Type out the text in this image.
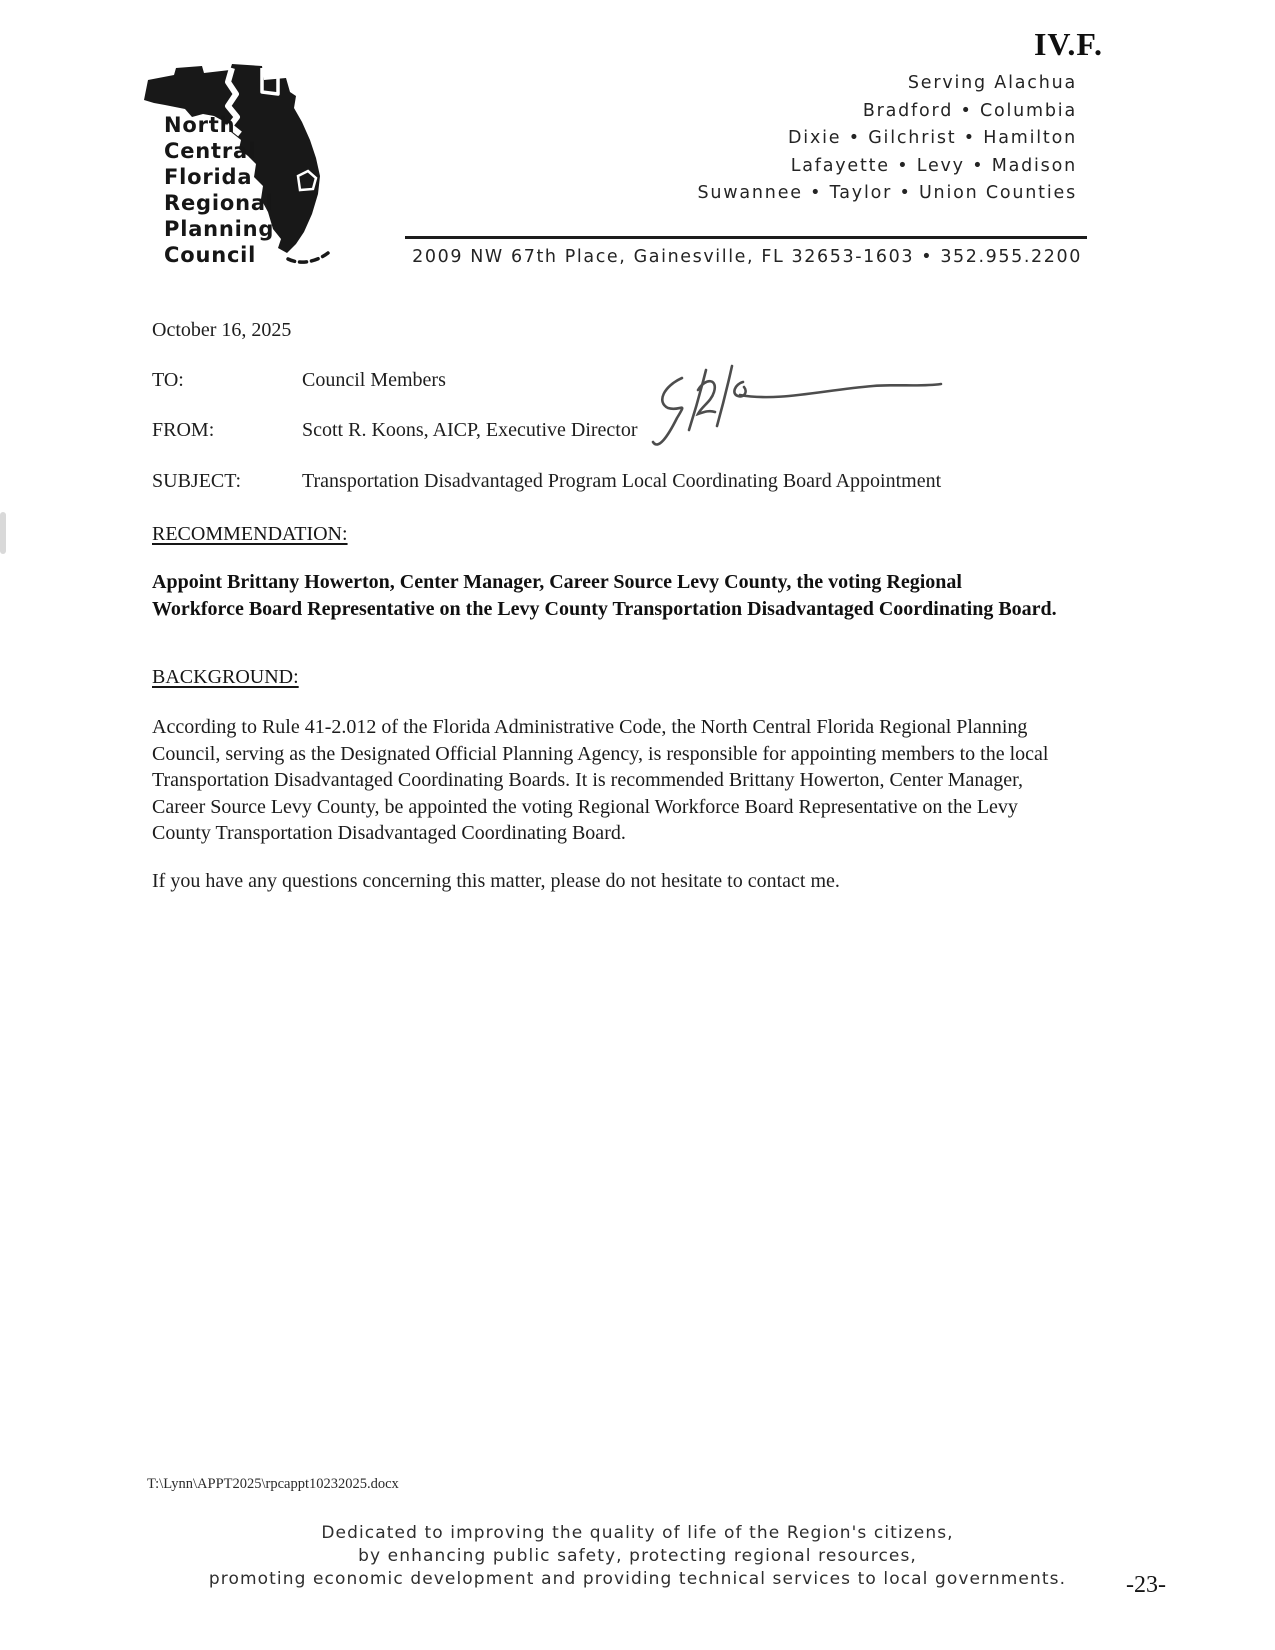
IV.F.
North
Central
Florida
Regional
Planning
Council
Serving Alachua
Bradford • Columbia
Dixie • Gilchrist • Hamilton
Lafayette • Levy • Madison
Suwannee • Taylor • Union Counties
2009 NW 67th Place, Gainesville, FL 32653-1603 • 352.955.2200
October 16, 2025
TO:	Council Members
FROM:	Scott R. Koons, AICP, Executive Director
SUBJECT:	Transportation Disadvantaged Program Local Coordinating Board Appointment
RECOMMENDATION:
Appoint Brittany Howerton, Center Manager, Career Source Levy County, the voting Regional Workforce Board Representative on the Levy County Transportation Disadvantaged Coordinating Board.
BACKGROUND:
According to Rule 41-2.012 of the Florida Administrative Code, the North Central Florida Regional Planning Council, serving as the Designated Official Planning Agency, is responsible for appointing members to the local Transportation Disadvantaged Coordinating Boards. It is recommended Brittany Howerton, Center Manager, Career Source Levy County, be appointed the voting Regional Workforce Board Representative on the Levy County Transportation Disadvantaged Coordinating Board.
If you have any questions concerning this matter, please do not hesitate to contact me.
T:\Lynn\APPT2025\rpcappt10232025.docx
Dedicated to improving the quality of life of the Region's citizens,
by enhancing public safety, protecting regional resources,
promoting economic development and providing technical services to local governments.	-23-
